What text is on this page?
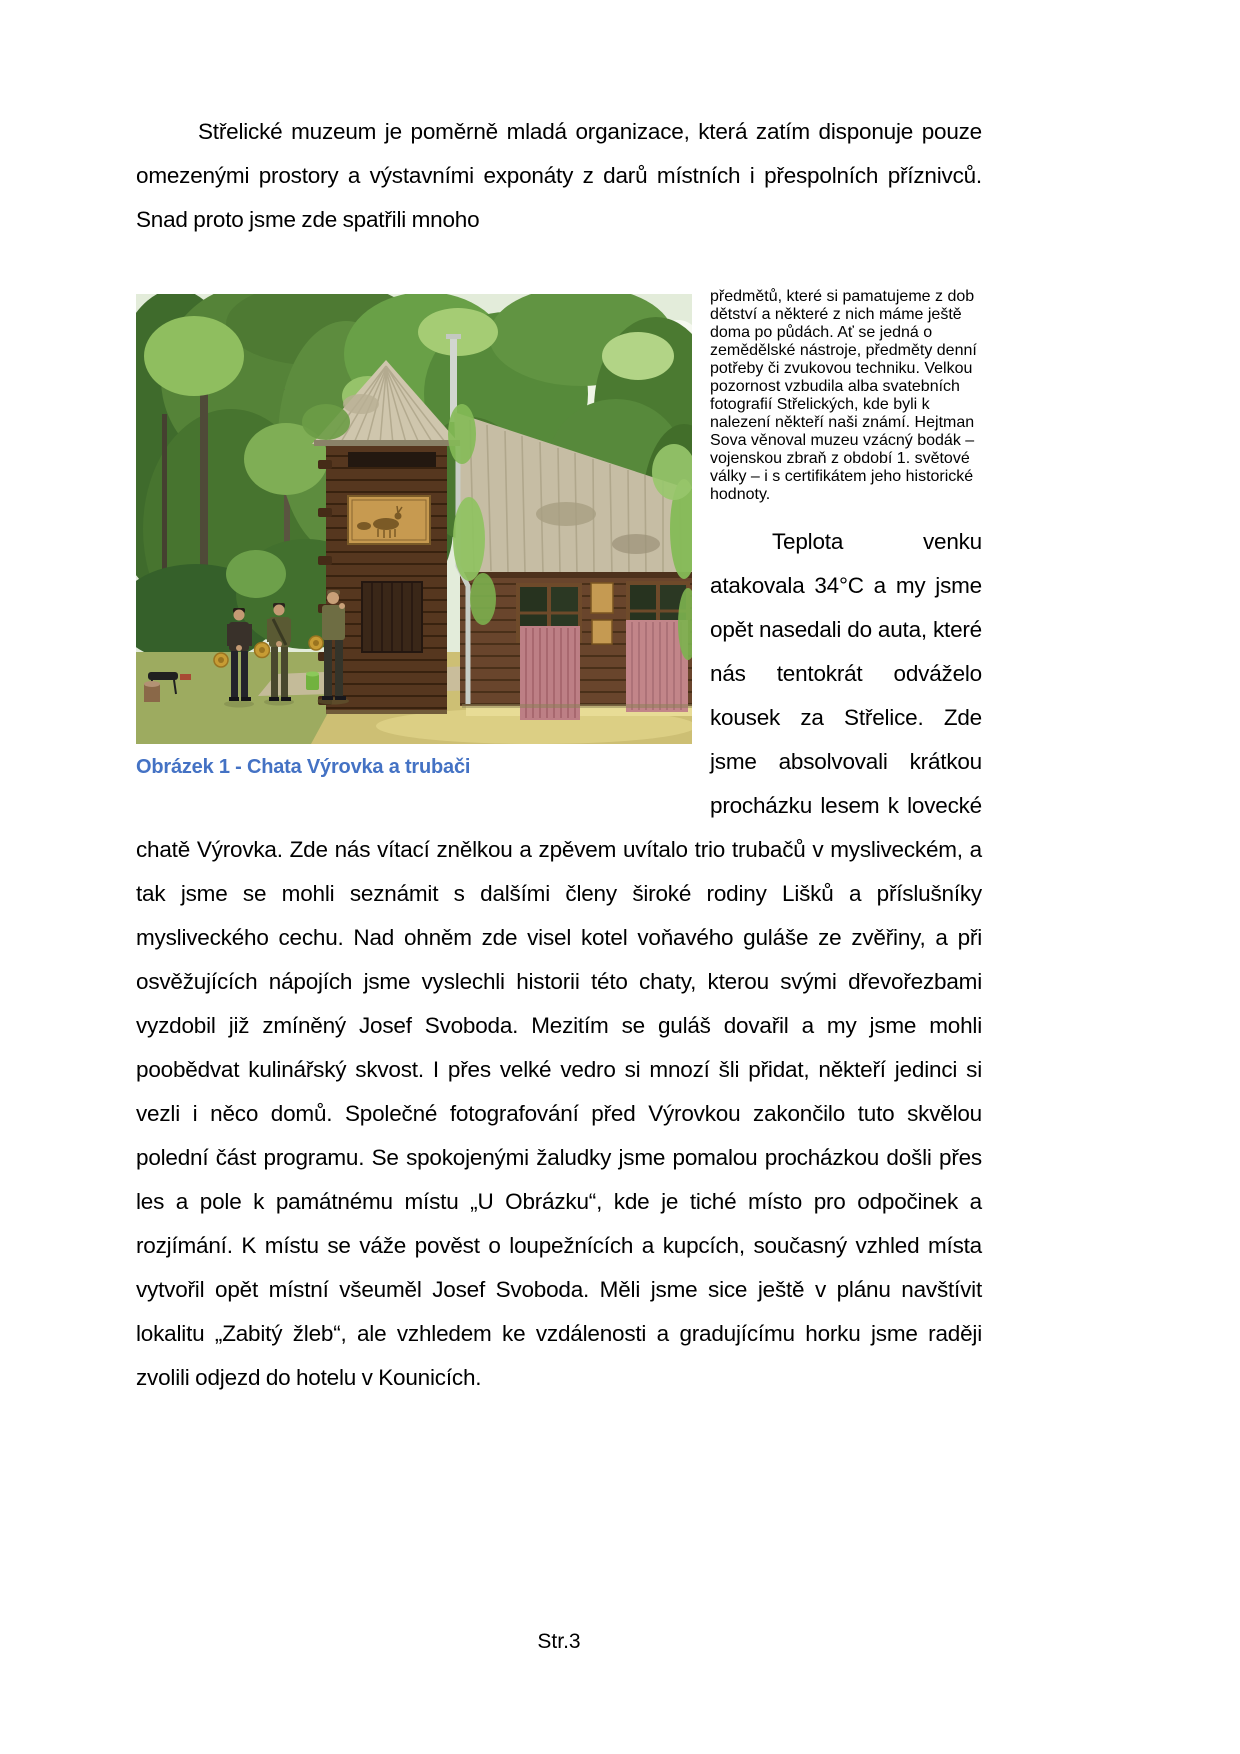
Střelické muzeum je poměrně mladá organizace, která zatím disponuje pouze omezenými prostory a výstavními exponáty z darů místních i přespolních příznivců. Snad proto jsme zde spatřili mnoho

Obrázek 1 - Chata Výrovka a trubači
předmětů, které si pamatujeme z dob dětství a některé z nich máme ještě doma po půdách. Ať se jedná o zemědělské nástroje, předměty denní potřeby či zvukovou techniku. Velkou pozornost vzbudila alba svatebních fotografií Střelických, kde byli k nalezení někteří naši známí. Hejtman Sova věnoval muzeu vzácný bodák – vojenskou zbraň z období 1. světové války – i s certifikátem jeho historické hodnoty.

Teplota venku atakovala 34°C a my jsme opět nasedali do auta, které nás tentokrát odváželo kousek za Střelice. Zde jsme absolvovali krátkou procházku lesem k lovecké chatě Výrovka. Zde nás vítací znělkou a zpěvem uvítalo trio trubačů v mysliveckém, a tak jsme se mohli seznámit s dalšími členy široké rodiny Lišků a příslušníky mysliveckého cechu. Nad ohněm zde visel kotel voňavého guláše ze zvěřiny, a při osvěžujících nápojích jsme vyslechli historii této chaty, kterou svými dřevořezbami vyzdobil již zmíněný Josef Svoboda. Mezitím se guláš dovařil a my jsme mohli poobědvat kulinářský skvost. I přes velké vedro si mnozí šli přidat, někteří jedinci si vezli i něco domů. Společné fotografování před Výrovkou zakončilo tuto skvělou polední část programu. Se spokojenými žaludky jsme pomalou procházkou došli přes les a pole k památnému místu „U Obrázku“, kde je tiché místo pro odpočinek a rozjímání. K místu se váže pověst o loupežnících a kupcích, současný vzhled místa vytvořil opět místní všeuměl Josef Svoboda. Měli jsme sice ještě v plánu navštívit lokalitu „Zabitý žleb“, ale vzhledem ke vzdálenosti a gradujícímu horku jsme raději zvolili odjezd do hotelu v Kounicích.

Str.3
